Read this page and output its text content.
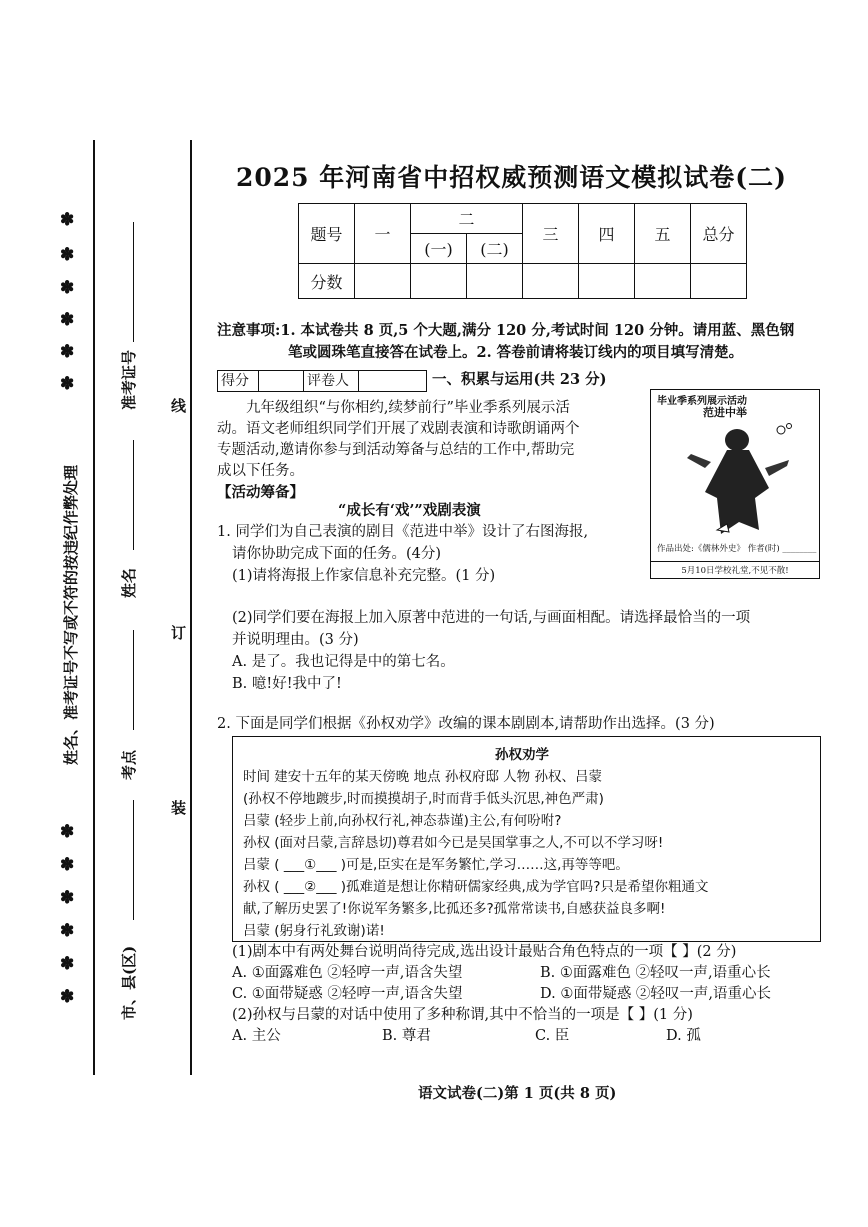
姓名、准考证号不写或不符的按违纪作弊处理
✽
✽
✽
✽
✽
✽
✽
✽
✽
✽
✽
✽
准考证号
姓名
考点
市、县(区)
线
订
装
2025 年河南省中招权威预测语文模拟试卷(二)
题号	一	二		三	四	五	总分
		(一)	(二)				
分数							
注意事项:1. 本试卷共 8 页,5 个大题,满分 120 分,考试时间 120 分钟。请用蓝、黑色钢
笔或圆珠笔直接答在试卷上。2. 答卷前请将装订线内的项目填写清楚。
得分	评卷人	一、积累与运用(共 23 分)
九年级组织“与你相约,续梦前行”毕业季系列展示活
动。语文老师组织同学们开展了戏剧表演和诗歌朗诵两个
专题活动,邀请你参与到活动筹备与总结的工作中,帮助完
成以下任务。
【活动筹备】
“成长有‘戏’”戏剧表演
毕业季系列展示活动
范进中举
作品出处:《儒林外史》 作者(时) ________
5月10日学校礼堂,不见不散!
1. 同学们为自己表演的剧目《范进中举》设计了右图海报,
请你协助完成下面的任务。(4分)
(1)请将海报上作家信息补充完整。(1 分)
(2)同学们要在海报上加入原著中范进的一句话,与画面相配。请选择最恰当的一项
并说明理由。(3 分)
A. 是了。我也记得是中的第七名。
B. 噫!好!我中了!
2. 下面是同学们根据《孙权劝学》改编的课本剧剧本,请帮助作出选择。(3 分)
孙权劝学
时间 建安十五年的某天傍晚 地点 孙权府邸 人物 孙权、吕蒙
(孙权不停地踱步,时而摸摸胡子,时而背手低头沉思,神色严肃)
吕蒙 (轻步上前,向孙权行礼,神态恭谨)主公,有何吩咐?
孙权 (面对吕蒙,言辞恳切)尊君如今已是吴国掌事之人,不可以不学习呀!
吕蒙 ( ___①___ )可是,臣实在是军务繁忙,学习……这,再等等吧。
孙权 ( ___②___ )孤难道是想让你精研儒家经典,成为学官吗?只是希望你粗通文
献,了解历史罢了!你说军务繁多,比孤还多?孤常常读书,自感获益良多啊!
吕蒙 (躬身行礼致谢)诺!
(1)剧本中有两处舞台说明尚待完成,选出设计最贴合角色特点的一项【 】(2 分)
A. ①面露难色 ②轻哼一声,语含失望	B. ①面露难色 ②轻叹一声,语重心长
C. ①面带疑惑 ②轻哼一声,语含失望	D. ①面带疑惑 ②轻叹一声,语重心长
(2)孙权与吕蒙的对话中使用了多种称谓,其中不恰当的一项是【 】(1 分)
A. 主公	B. 尊君	C. 臣	D. 孤
语文试卷(二)第 1 页(共 8 页)
